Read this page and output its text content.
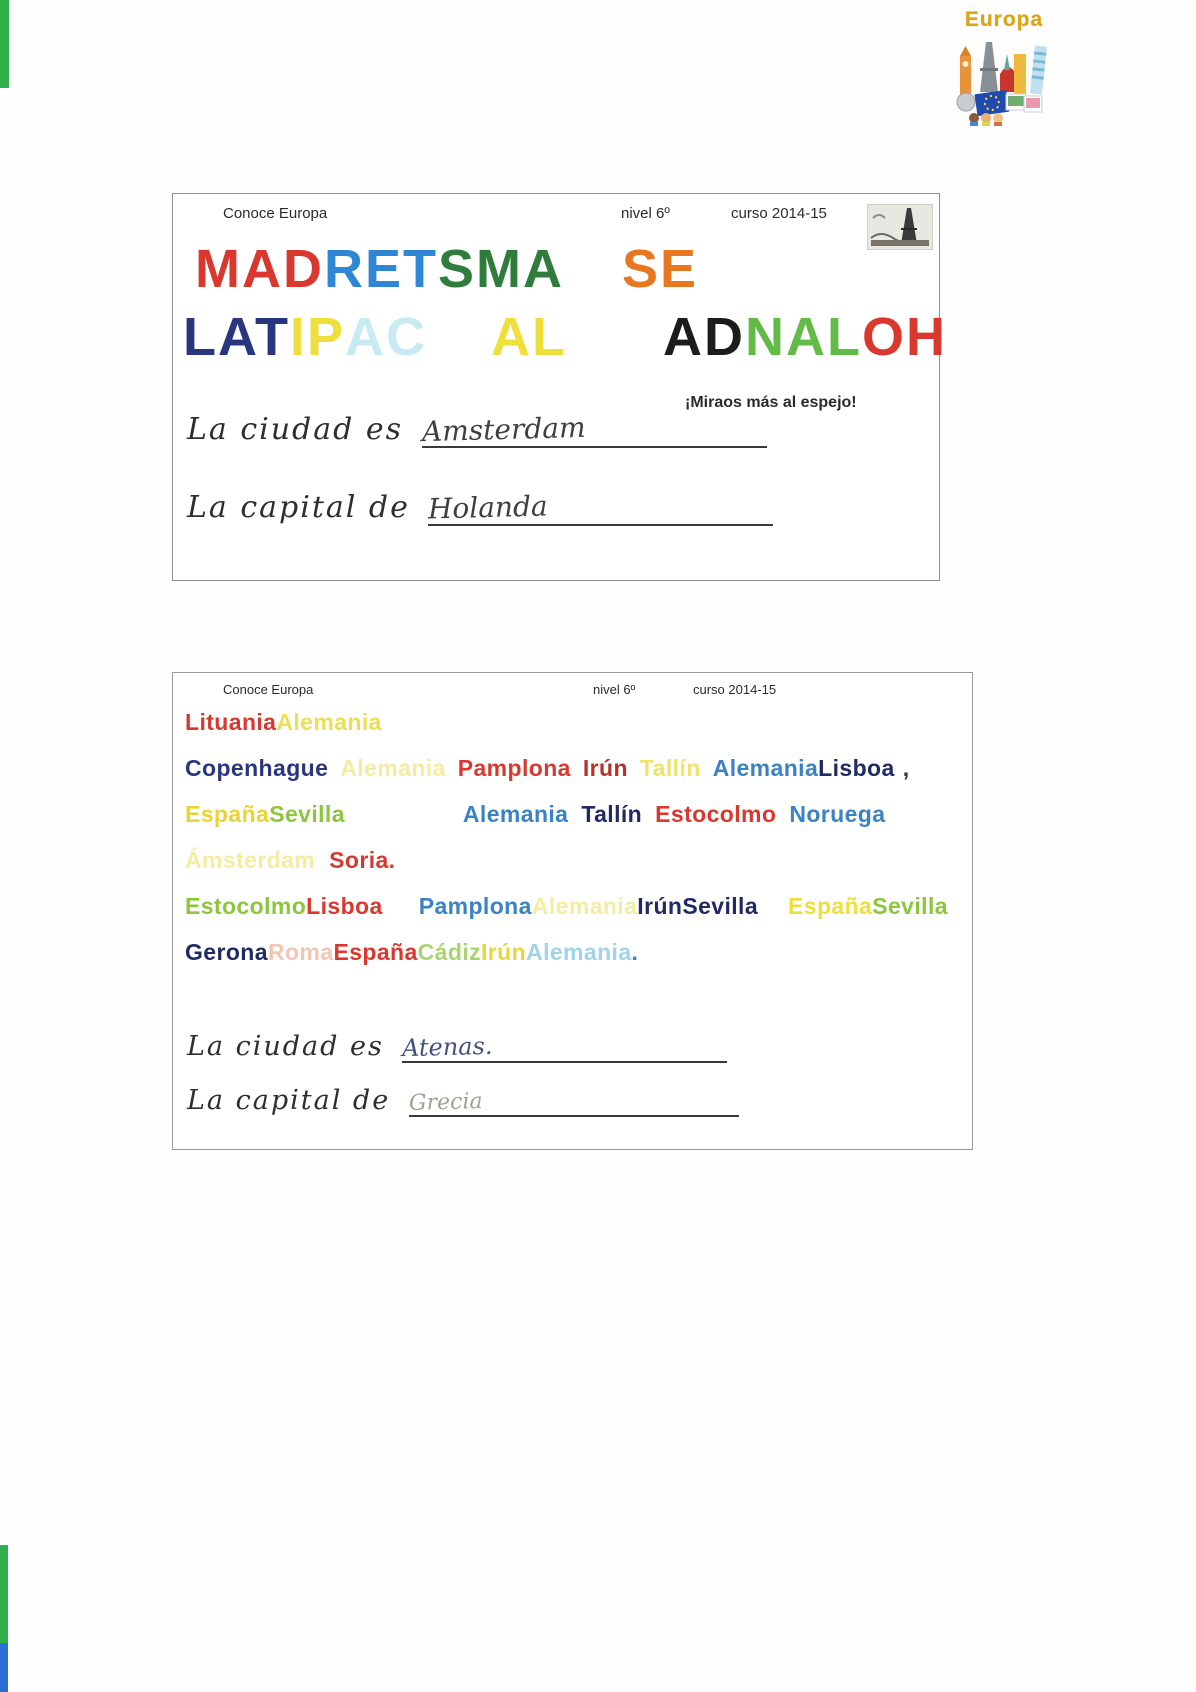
Europa
Conoce Europa	nivel 6º	curso 2014-15
MADRETSMA SE
LATIPAC AL ADNALOH
¡Miraos más al espejo!
La ciudad es Amsterdam
La capital de Holanda
Conoce Europa	nivel 6º	curso 2014-15
LituaniaAlemania
Copenhague Alemania Pamplona Irún Tallín AlemaniaLisboa ,
EspañaSevilla	Alemania Tallín Estocolmo Noruega
Ámsterdam Soria.
EstocolmoLisboa PamplonaAlemaniaIrúnSevilla EspañaSevilla
GeronaRomaEspañaCádizIrúnAlemania.
La ciudad es Atenas.
La capital de Grecia
